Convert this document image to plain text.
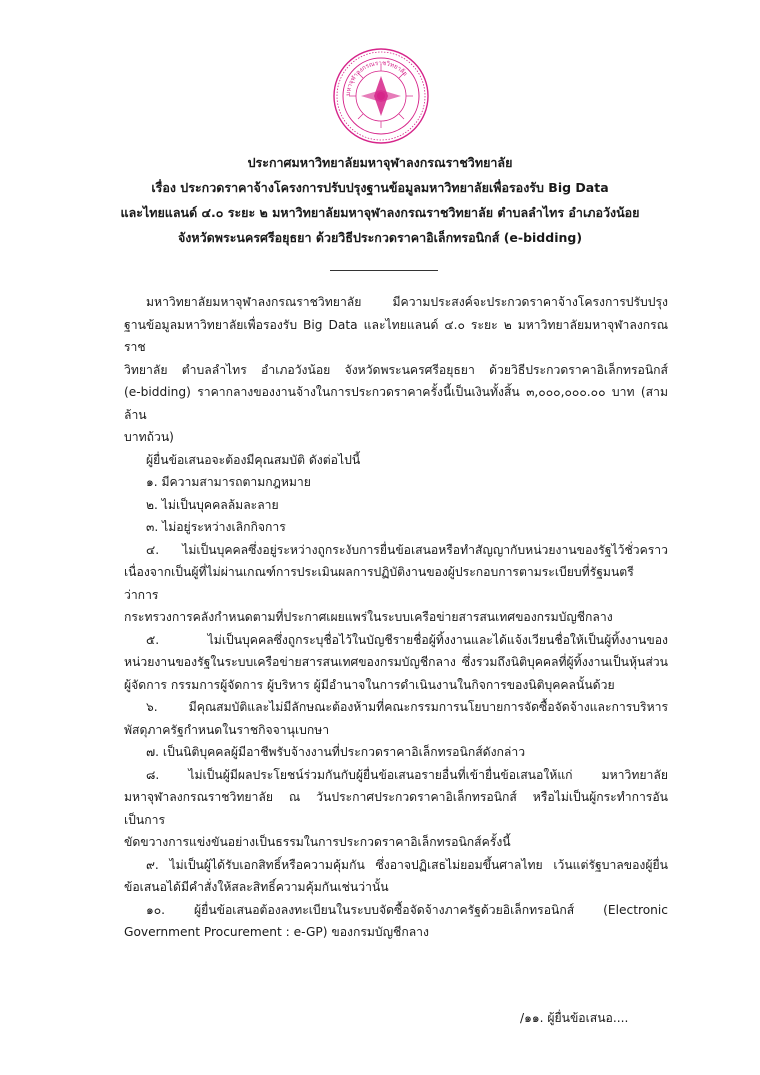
มหาจุฬาลงกรณราชวิทยาลัย
ประกาศมหาวิทยาลัยมหาจุฬาลงกรณราชวิทยาลัย
เรื่อง ประกวดราคาจ้างโครงการปรับปรุงฐานข้อมูลมหาวิทยาลัยเพื่อรองรับ Big Data
และไทยแลนด์ ๔.๐ ระยะ ๒ มหาวิทยาลัยมหาจุฬาลงกรณราชวิทยาลัย ตำบลลำไทร อำเภอวังน้อย
จังหวัดพระนครศรีอยุธยา ด้วยวิธีประกวดราคาอิเล็กทรอนิกส์ (e-bidding)

มหาวิทยาลัยมหาจุฬาลงกรณราชวิทยาลัย มีความประสงค์จะประกวดราคาจ้างโครงการปรับปรุง

ฐานข้อมูลมหาวิทยาลัยเพื่อรองรับ Big Data และไทยแลนด์ ๔.๐ ระยะ ๒ มหาวิทยาลัยมหาจุฬาลงกรณราช

วิทยาลัย ตำบลลำไทร อำเภอวังน้อย จังหวัดพระนครศรีอยุธยา ด้วยวิธีประกวดราคาอิเล็กทรอนิกส์

(e-bidding) ราคากลางของงานจ้างในการประกวดราคาครั้งนี้เป็นเงินทั้งสิ้น ๓,๐๐๐,๐๐๐.๐๐ บาท (สามล้าน

บาทถ้วน)

ผู้ยื่นข้อเสนอจะต้องมีคุณสมบัติ ดังต่อไปนี้

๑. มีความสามารถตามกฎหมาย

๒. ไม่เป็นบุคคลล้มละลาย

๓. ไม่อยู่ระหว่างเลิกกิจการ

๔. ไม่เป็นบุคคลซึ่งอยู่ระหว่างถูกระงับการยื่นข้อเสนอหรือทำสัญญากับหน่วยงานของรัฐไว้ชั่วคราว

เนื่องจากเป็นผู้ที่ไม่ผ่านเกณฑ์การประเมินผลการปฏิบัติงานของผู้ประกอบการตามระเบียบที่รัฐมนตรีว่าการ

กระทรวงการคลังกำหนดตามที่ประกาศเผยแพร่ในระบบเครือข่ายสารสนเทศของกรมบัญชีกลาง

๕. ไม่เป็นบุคคลซึ่งถูกระบุชื่อไว้ในบัญชีรายชื่อผู้ทิ้งงานและได้แจ้งเวียนชื่อให้เป็นผู้ทิ้งงานของ

หน่วยงานของรัฐในระบบเครือข่ายสารสนเทศของกรมบัญชีกลาง ซึ่งรวมถึงนิติบุคคลที่ผู้ทิ้งงานเป็นหุ้นส่วน

ผู้จัดการ กรรมการผู้จัดการ ผู้บริหาร ผู้มีอำนาจในการดำเนินงานในกิจการของนิติบุคคลนั้นด้วย

๖. มีคุณสมบัติและไม่มีลักษณะต้องห้ามที่คณะกรรมการนโยบายการจัดซื้อจัดจ้างและการบริหาร

พัสดุภาครัฐกำหนดในราชกิจจานุเบกษา

๗. เป็นนิติบุคคลผู้มีอาชีพรับจ้างงานที่ประกวดราคาอิเล็กทรอนิกส์ดังกล่าว

๘. ไม่เป็นผู้มีผลประโยชน์ร่วมกันกับผู้ยื่นข้อเสนอรายอื่นที่เข้ายื่นข้อเสนอให้แก่ มหาวิทยาลัย

มหาจุฬาลงกรณราชวิทยาลัย ณ วันประกาศประกวดราคาอิเล็กทรอนิกส์ หรือไม่เป็นผู้กระทำการอันเป็นการ

ขัดขวางการแข่งขันอย่างเป็นธรรมในการประกวดราคาอิเล็กทรอนิกส์ครั้งนี้

๙. ไม่เป็นผู้ได้รับเอกสิทธิ์หรือความคุ้มกัน ซึ่งอาจปฏิเสธไม่ยอมขึ้นศาลไทย เว้นแต่รัฐบาลของผู้ยื่น

ข้อเสนอได้มีคำสั่งให้สละสิทธิ์ความคุ้มกันเช่นว่านั้น

๑๐. ผู้ยื่นข้อเสนอต้องลงทะเบียนในระบบจัดซื้อจัดจ้างภาครัฐด้วยอิเล็กทรอนิกส์ (Electronic

Government Procurement : e-GP) ของกรมบัญชีกลาง

/๑๑. ผู้ยื่นข้อเสนอ....
